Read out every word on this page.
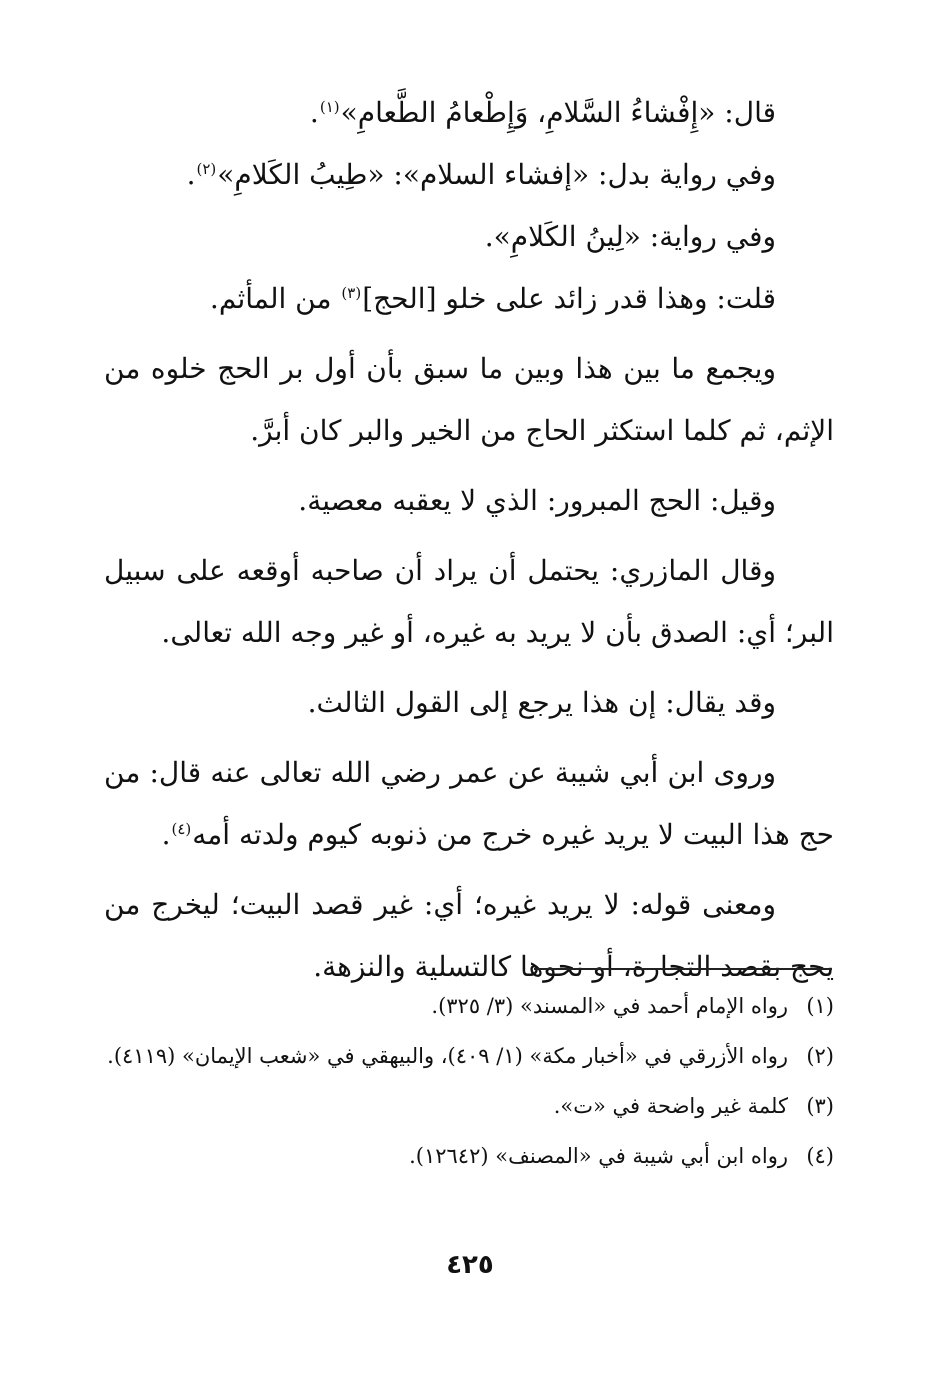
قال: «إِفْشاءُ السَّلامِ، وَإِطْعامُ الطَّعامِ»$^{(١)}$.

وفي رواية بدل: «إفشاء السلام»: «طِيبُ الكَلامِ»$^{(٢)}$.

وفي رواية: «لِينُ الكَلامِ».

قلت: وهذا قدر زائد على خلو [الحج]$^{(٣)}$ من المأثم.

ويجمع ما بين هذا وبين ما سبق بأن أول بر الحج خلوه من الإثم، ثم كلما استكثر الحاج من الخير والبر كان أبرَّ.

وقيل: الحج المبرور: الذي لا يعقبه معصية.

وقال المازري: يحتمل أن يراد أن صاحبه أوقعه على سبيل البر؛ أي: الصدق بأن لا يريد به غيره، أو غير وجه الله تعالى.

وقد يقال: إن هذا يرجع إلى القول الثالث.

وروى ابن أبي شيبة عن عمر رضي الله تعالى عنه قال: من حج هذا البيت لا يريد غيره خرج من ذنوبه كيوم ولدته أمه$^{(٤)}$.

ومعنى قوله: لا يريد غيره؛ أي: غير قصد البيت؛ ليخرج من يحج بقصد التجارة، أو نحوها كالتسلية والنزهة.

(١)
رواه الإمام أحمد في «المسند» (٣/ ٣٢٥).
(٢)
رواه الأزرقي في «أخبار مكة» (١/ ٤٠٩)، والبيهقي في «شعب الإيمان» (٤١١٩).
(٣)
كلمة غير واضحة في «ت».
(٤)
رواه ابن أبي شيبة في «المصنف» (١٢٦٤٢).
٤٢٥
